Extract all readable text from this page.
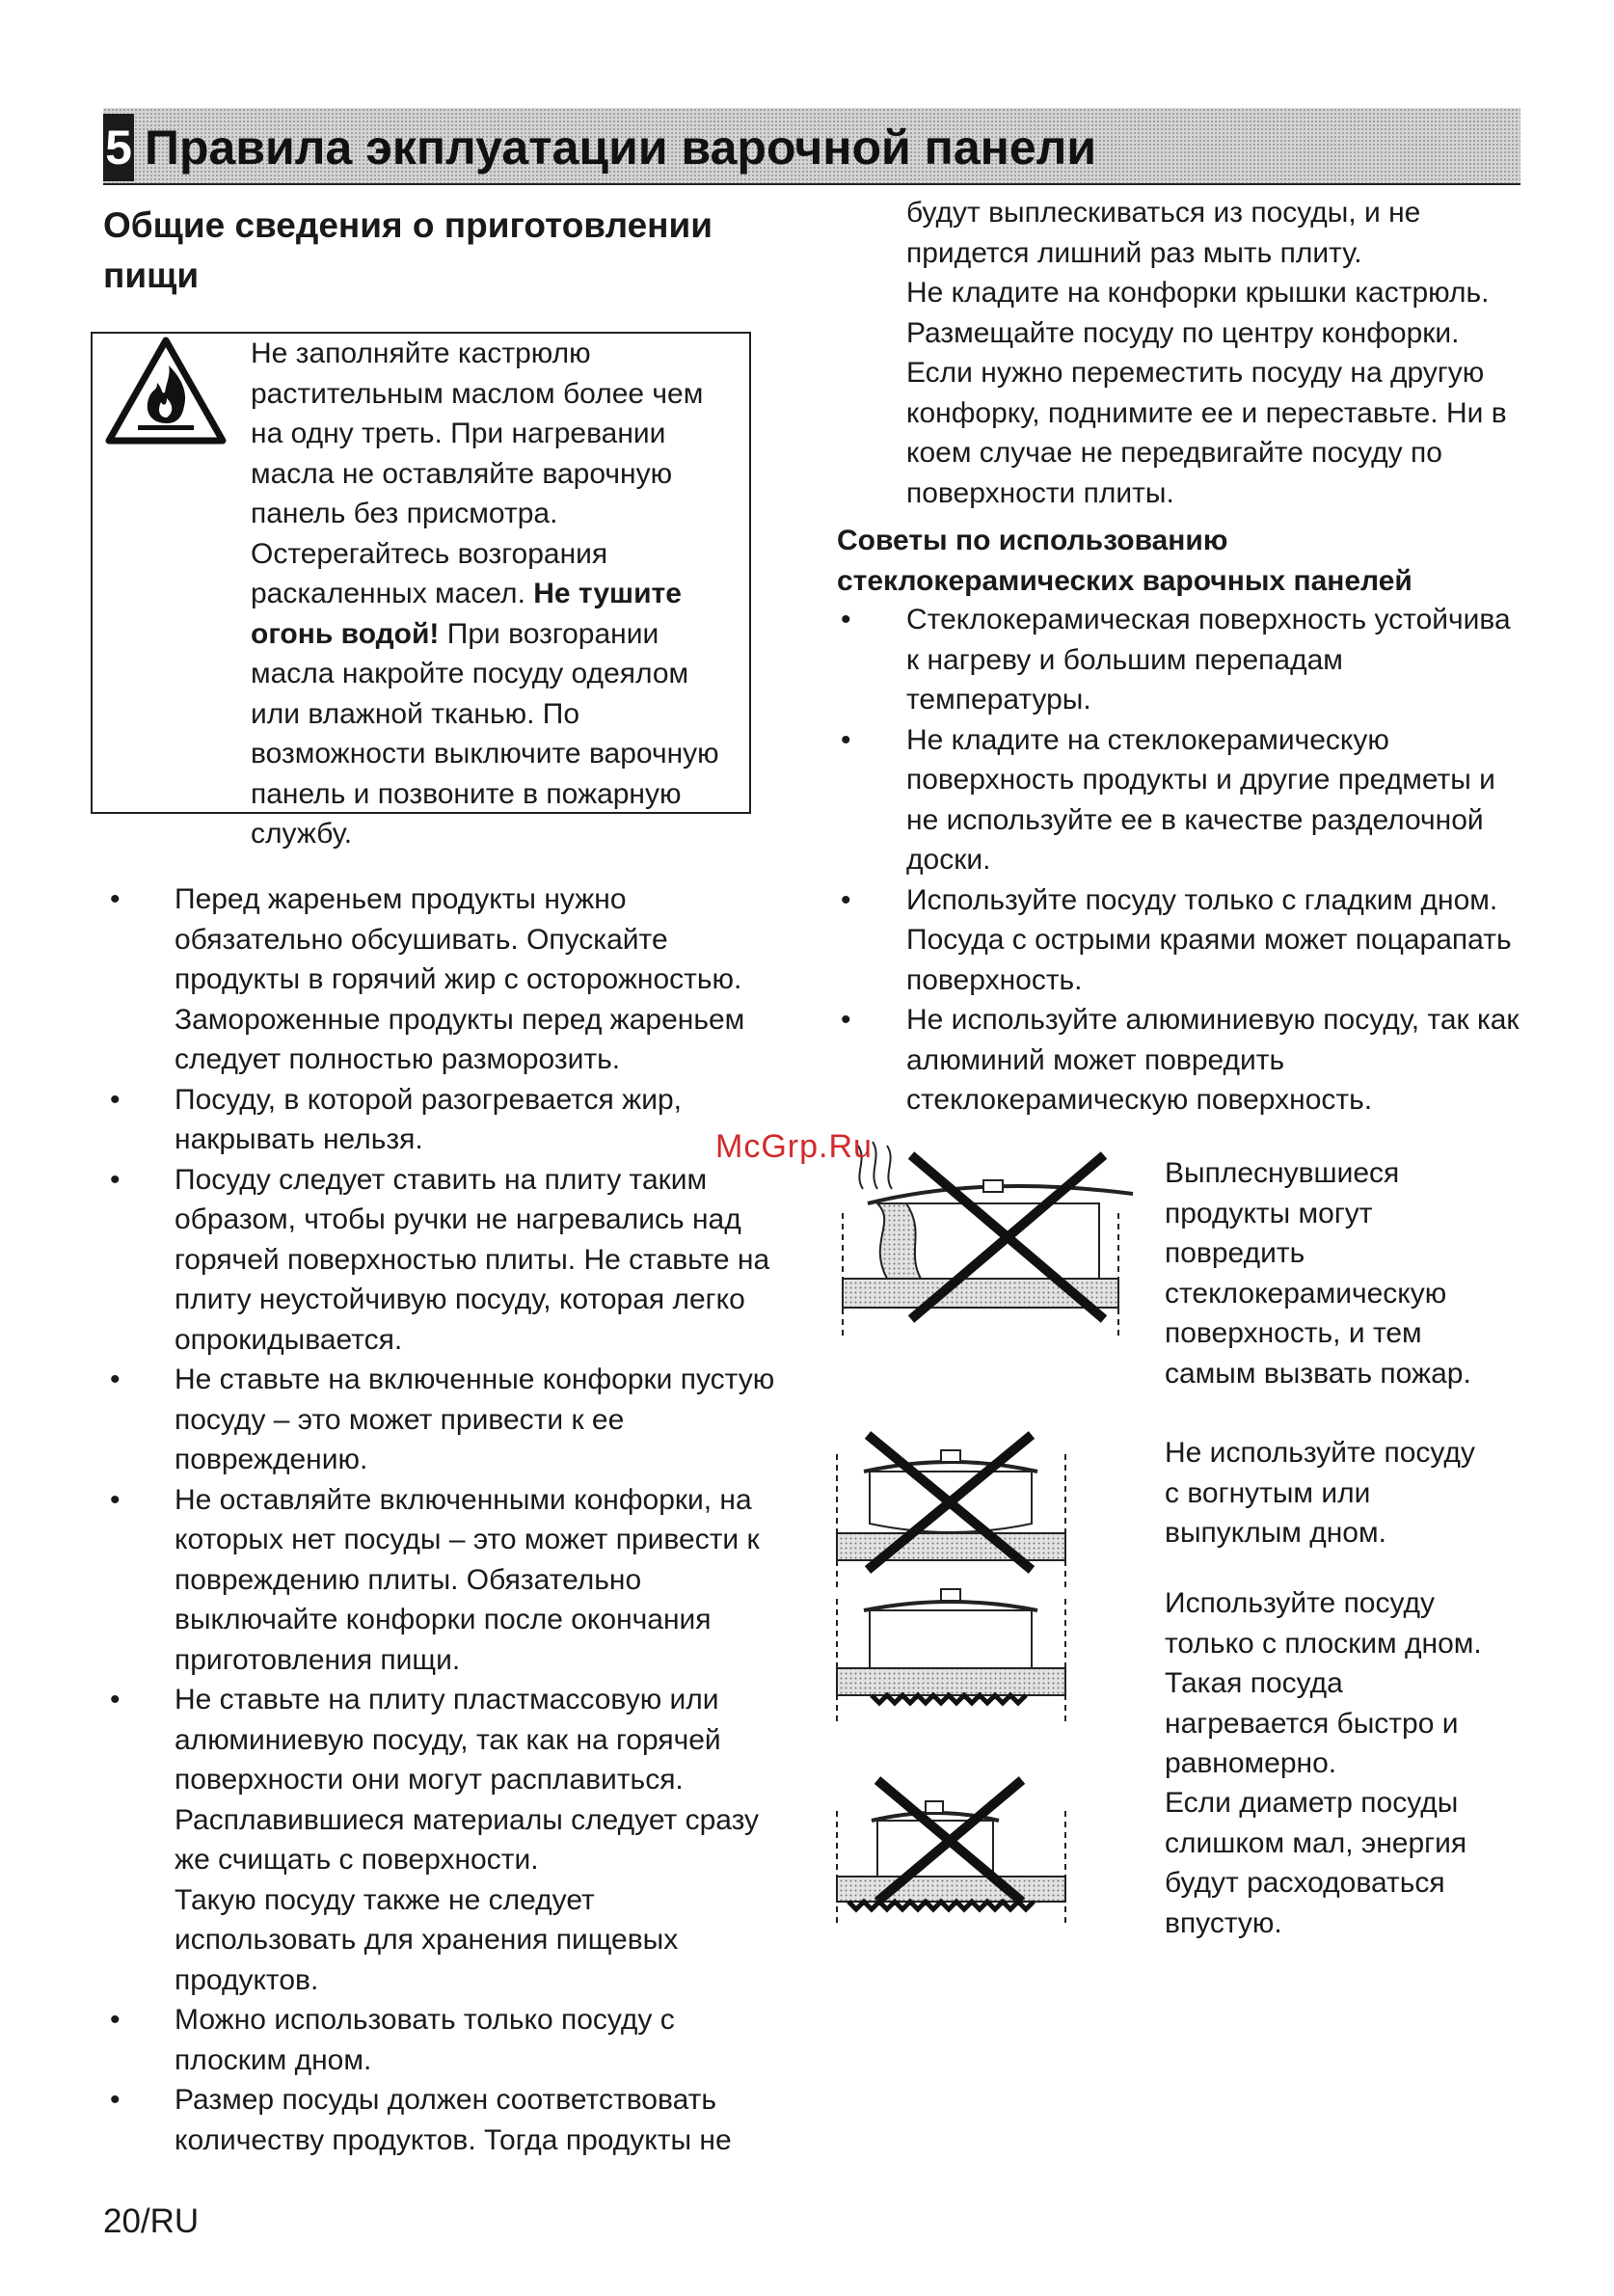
5 Правила экплуатации варочной панели
Общие сведения о приготовлении пищи
Не заполняйте кастрюлю растительным маслом более чем на одну треть. При нагревании масла не оставляйте варочную панель без присмотра. Остерегайтесь возгорания раскаленных масел. Не тушите огонь водой! При возгорании масла накройте посуду одеялом или влажной тканью. По возможности выключите варочную панель и позвоните в пожарную службу.
• Перед жареньем продукты нужно обязательно обсушивать. Опускайте продукты в горячий жир с осторожностью. Замороженные продукты перед жареньем следует полностью разморозить.
• Посуду, в которой разогревается жир, накрывать нельзя.
• Посуду следует ставить на плиту таким образом, чтобы ручки не нагревались над горячей поверхностью плиты. Не ставьте на плиту неустойчивую посуду, которая легко опрокидывается.
• Не ставьте на включенные конфорки пустую посуду – это может привести к ее повреждению.
• Не оставляйте включенными конфорки, на которых нет посуды – это может привести к повреждению плиты. Обязательно выключайте конфорки после окончания приготовления пищи.
• Не ставьте на плиту пластмассовую или алюминиевую посуду, так как на горячей поверхности они могут расплавиться. Расплавившиеся материалы следует сразу же счищать с поверхности.
Такую посуду также не следует использовать для хранения пищевых продуктов.
• Можно использовать только посуду с плоским дном.
• Размер посуды должен соответствовать количеству продуктов. Тогда продукты не
будут выплескиваться из посуды, и не придется лишний раз мыть плиту.
Не кладите на конфорки крышки кастрюль.
Размещайте посуду по центру конфорки.
Если нужно переместить посуду на другую конфорку, поднимите ее и переставьте. Ни в коем случае не передвигайте посуду по поверхности плиты.
Советы по использованию стеклокерамических варочных панелей
• Стеклокерамическая поверхность устойчива к нагреву и большим перепадам температуры.
• Не кладите на стеклокерамическую поверхность продукты и другие предметы и не используйте ее в качестве разделочной доски.
• Используйте посуду только с гладким дном. Посуда с острыми краями может поцарапать поверхность.
• Не используйте алюминиевую посуду, так как алюминий может повредить стеклокерамическую поверхность.
Выплеснувшиеся продукты могут повредить стеклокерамическую поверхность, и тем самым вызвать пожар.
Не используйте посуду с вогнутым или выпуклым дном.
Используйте посуду только с плоским дном. Такая посуда нагревается быстро и равномерно.
Если диаметр посуды слишком мал, энергия будут расходоваться впустую.
McGrp.Ru
20/RU
